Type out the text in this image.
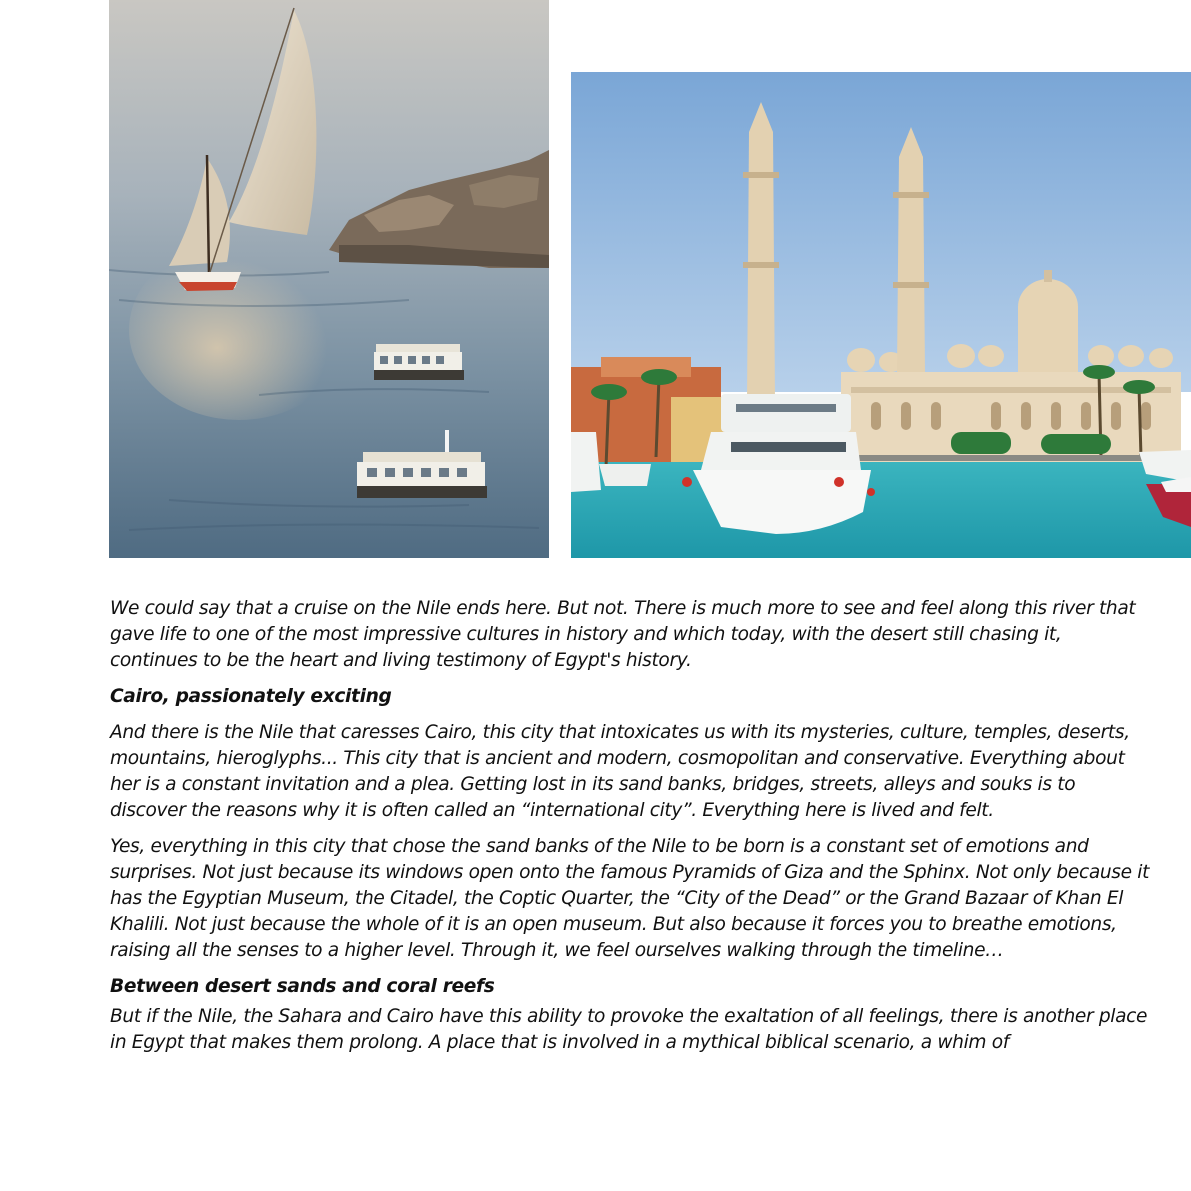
We could say that a cruise on the Nile ends here. But not. There is much more to see and feel along this river that gave life to one of the most impressive cultures in history and which today, with the desert still chasing it, continues to be the heart and living testimony of Egypt's history.

Cairo, passionately exciting

And there is the Nile that caresses Cairo, this city that intoxicates us with its mysteries, culture, temples, deserts, mountains, hieroglyphs... This city that is ancient and modern, cosmopolitan and conservative. Everything about her is a constant invitation and a plea. Getting lost in its sand banks, bridges, streets, alleys and souks is to discover the reasons why it is often called an “international city”. Everything here is lived and felt.

Yes, everything in this city that chose the sand banks of the Nile to be born is a constant set of emotions and surprises. Not just because its windows open onto the famous Pyramids of Giza and the Sphinx. Not only because it has the Egyptian Museum, the Citadel, the Coptic Quarter, the “City of the Dead” or the Grand Bazaar of Khan El Khalili. Not just because the whole of it is an open museum. But also because it forces you to breathe emotions, raising all the senses to a higher level. Through it, we feel ourselves walking through the timeline…

Between desert sands and coral reefs

But if the Nile, the Sahara and Cairo have this ability to provoke the exaltation of all feelings, there is another place in Egypt that makes them prolong. A place that is involved in a mythical biblical scenario, a whim of
